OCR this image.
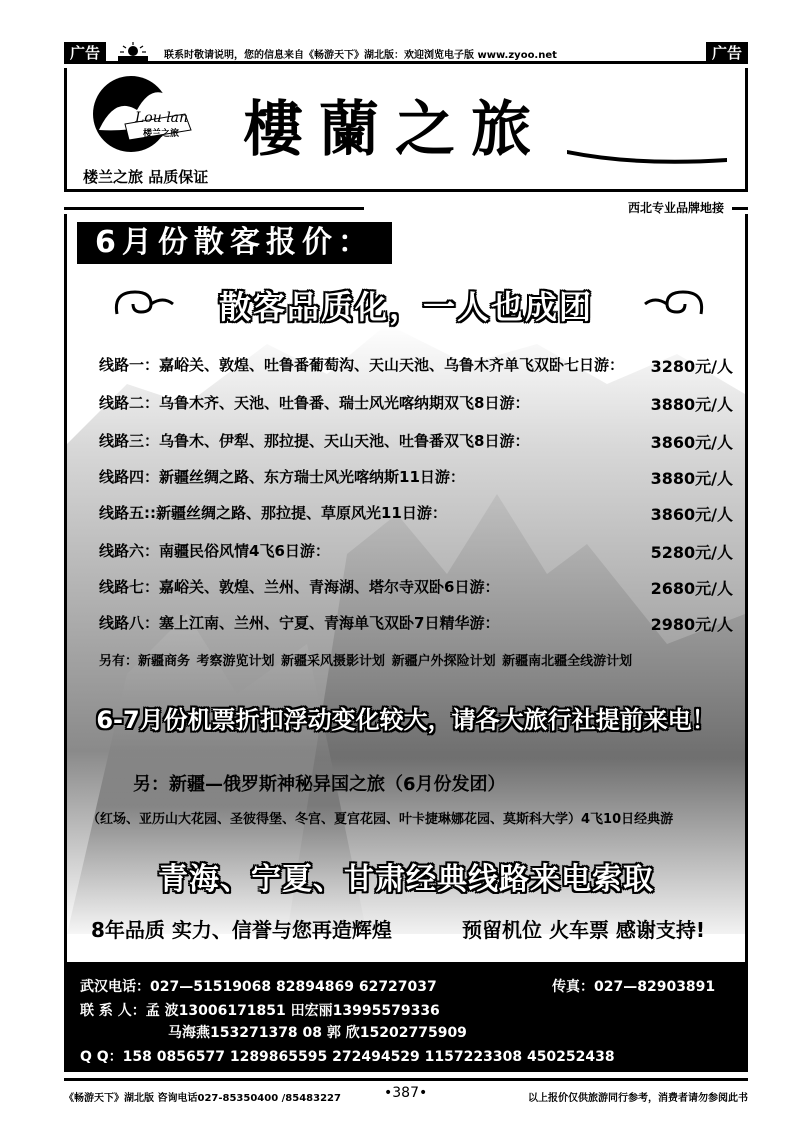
广告	联系时敬请说明，您的信息来自《畅游天下》湖北版：欢迎浏览电子版 www.zyoo.net	广告
Lou lan
楼兰之旅
楼兰之旅 品质保证
樓蘭之旅
西北专业品牌地接
6月份散客报价：
散客品质化，一人也成团
线路一：嘉峪关、敦煌、吐鲁番葡萄沟、天山天池、乌鲁木齐单飞双卧七日游： 3280元/人
线路二：乌鲁木齐、天池、吐鲁番、瑞士风光喀纳期双飞8日游：	3880元/人
线路三：乌鲁木、伊犁、那拉提、天山天池、吐鲁番双飞8日游：	3860元/人
线路四：新疆丝绸之路、东方瑞士风光喀纳斯11日游：	3880元/人
线路五::新疆丝绸之路、那拉提、草原风光11日游：	3860元/人
线路六：南疆民俗风情4飞6日游：	5280元/人
线路七：嘉峪关、敦煌、兰州、青海湖、塔尔寺双卧6日游：	2680元/人
线路八：塞上江南、兰州、宁夏、青海单飞双卧7日精华游：	2980元/人
另有：新疆商务 考察游览计划 新疆采风摄影计划 新疆户外探险计划 新疆南北疆全线游计划
6-7月份机票折扣浮动变化较大，请各大旅行社提前来电！
另：新疆—俄罗斯神秘异国之旅（6月份发团）
（红场、亚历山大花园、圣彼得堡、冬宫、夏宫花园、叶卡捷琳娜花园、莫斯科大学）4飞10日经典游
青海、宁夏、甘肃经典线路来电索取
8年品质 实力、信誉与您再造辉煌	预留机位 火车票 感谢支持!
武汉电话：027—51519068 82894869 62727037	传真：027—82903891
联 系 人：孟 波13006171851 田宏丽13995579336
马海燕153271378 08 郭 欣15202775909
Q Q：158 0856577 1289865595 272494529 1157223308 450252438
《畅游天下》湖北版 咨询电话027-85350400 /85483227	•387•	以上报价仅供旅游同行参考，消费者请勿参阅此书
